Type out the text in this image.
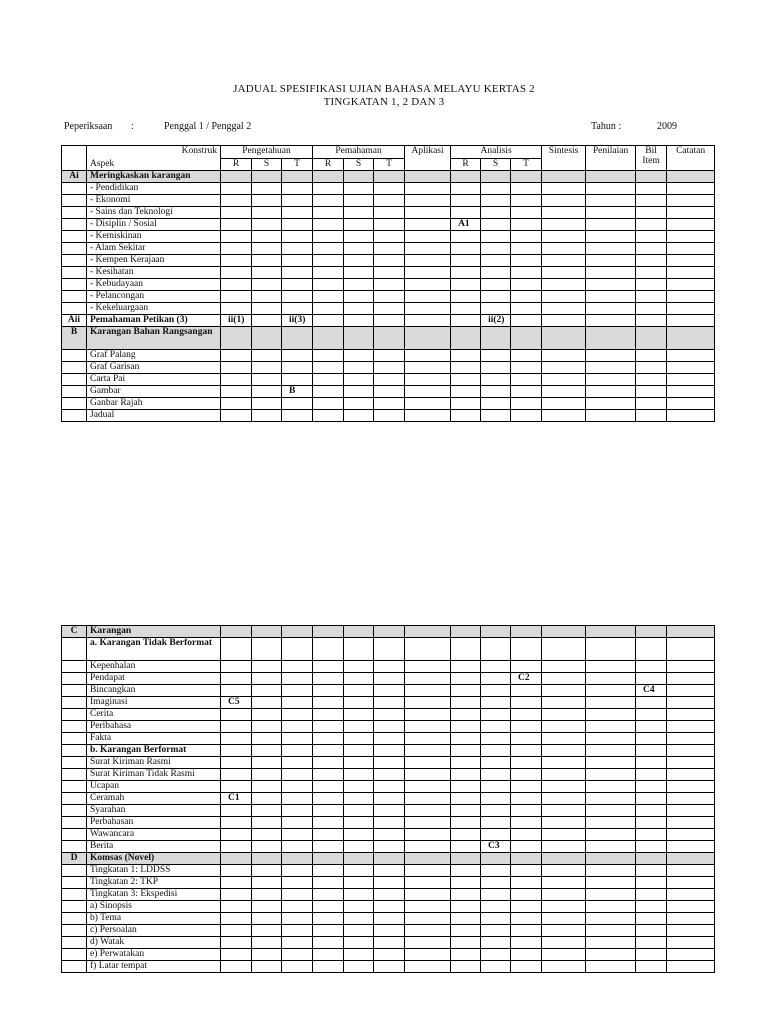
JADUAL SPESIFIKASI UJIAN BAHASA MELAYU KERTAS 2
TINGKATAN 1, 2 DAN 3
Peperiksaan :	Penggal 1 / Penggal 2	Tahun :	2009

	Konstruk
Aspek	Pengetahuan			Pemahaman			Aplikasi	Analisis			Sintesis	Penilaian	Bil Item	Catatan
		R	S	T	R	S	T		R	S	T				
Ai	Meringkaskan karangan														
	- Pendidikan														
	- Ekonomi														
	- Sains dan Teknologi														
	- Disiplin / Sosial								A1						
	- Kemiskinan														
	- Alam Sekitar														
	- Kempen Kerajaan														
	- Kesihatan														
	- Kebudayaan														
	- Pelancongan														
	- Kekeluargaan														
Aii	Pemahaman Petikan (3)	ii(1)		ii(3)						ii(2)					
B	Karangan Bahan Rangsangan														
	Graf Palang														
	Graf Garisan														
	Carta Pai														
	Gambar			B											
	Ganbar Rajah														
	Jadual														
C	Karangan														
	a. Karangan Tidak Berformat														
	Kepenhalan														
	Pendapat										C2				
	Bincangkan													C4	
	Imaginasi	C5													
	Cerita														
	Peribahasa														
	Fakta														
	b. Karangan Berformat														
	Surat Kiriman Rasmi														
	Surat Kiriman Tidak Rasmi														
	Ucapan														
	Ceramah	C1													
	Syarahan														
	Perbahasan														
	Wawancara														
	Berita									C3					
D	Komsas (Novel)														
	Tingkatan 1: LDDSS														
	Tingkatan 2: TKP														
	Tingkatan 3: Ekspedisi														
	a) Sinopsis														
	b) Tema														
	c) Persoalan														
	d) Watak														
	e) Perwatakan														
	f) Latar tempat														
